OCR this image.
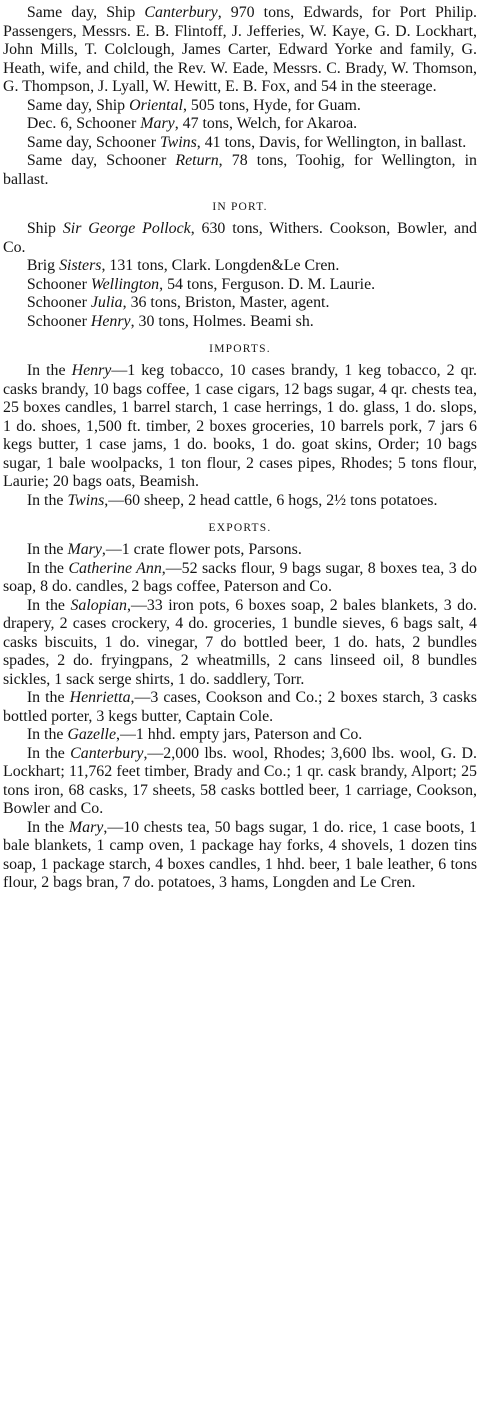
Same day, Ship Canterbury, 970 tons, Edwards, for Port Philip. Passengers, Messrs. E. B. Flintoff, J. Jefferies, W. Kaye, G. D. Lockhart, John Mills, T. Colclough, James Carter, Edward Yorke and family, G. Heath, wife, and child, the Rev. W. Eade, Messrs. C. Brady, W. Thomson, G. Thompson, J. Lyall, W. Hewitt, E. B. Fox, and 54 in the steerage.

Same day, Ship Oriental, 505 tons, Hyde, for Guam.

Dec. 6, Schooner Mary, 47 tons, Welch, for Akaroa.

Same day, Schooner Twins, 41 tons, Davis, for Wellington, in ballast.

Same day, Schooner Return, 78 tons, Toohig, for Wellington, in ballast.

IN PORT.

Ship Sir George Pollock, 630 tons, Withers. Cookson, Bowler, and Co.

Brig Sisters, 131 tons, Clark. Longden&Le Cren.

Schooner Wellington, 54 tons, Ferguson. D. M. Laurie.

Schooner Julia, 36 tons, Briston, Master, agent.

Schooner Henry, 30 tons, Holmes. Beami sh.

IMPORTS.

In the Henry—1 keg tobacco, 10 cases brandy, 1 keg tobacco, 2 qr. casks brandy, 10 bags coffee, 1 case cigars, 12 bags sugar, 4 qr. chests tea, 25 boxes candles, 1 barrel starch, 1 case herrings, 1 do. glass, 1 do. slops, 1 do. shoes, 1,500 ft. timber, 2 boxes groceries, 10 barrels pork, 7 jars 6 kegs butter, 1 case jams, 1 do. books, 1 do. goat skins, Order; 10 bags sugar, 1 bale woolpacks, 1 ton flour, 2 cases pipes, Rhodes; 5 tons flour, Laurie; 20 bags oats, Beamish.

In the Twins,—60 sheep, 2 head cattle, 6 hogs, 2½ tons potatoes.

EXPORTS.

In the Mary,—1 crate flower pots, Parsons.

In the Catherine Ann,—52 sacks flour, 9 bags sugar, 8 boxes tea, 3 do soap, 8 do. candles, 2 bags coffee, Paterson and Co.

In the Salopian,—33 iron pots, 6 boxes soap, 2 bales blankets, 3 do. drapery, 2 cases crockery, 4 do. groceries, 1 bundle sieves, 6 bags salt, 4 casks biscuits, 1 do. vinegar, 7 do bottled beer, 1 do. hats, 2 bundles spades, 2 do. fryingpans, 2 wheatmills, 2 cans linseed oil, 8 bundles sickles, 1 sack serge shirts, 1 do. saddlery, Torr.

In the Henrietta,—3 cases, Cookson and Co.; 2 boxes starch, 3 casks bottled porter, 3 kegs butter, Captain Cole.

In the Gazelle,—1 hhd. empty jars, Paterson and Co.

In the Canterbury,—2,000 lbs. wool, Rhodes; 3,600 lbs. wool, G. D. Lockhart; 11,762 feet timber, Brady and Co.; 1 qr. cask brandy, Alport; 25 tons iron, 68 casks, 17 sheets, 58 casks bottled beer, 1 carriage, Cookson, Bowler and Co.

In the Mary,—10 chests tea, 50 bags sugar, 1 do. rice, 1 case boots, 1 bale blankets, 1 camp oven, 1 package hay forks, 4 shovels, 1 dozen tins soap, 1 package starch, 4 boxes candles, 1 hhd. beer, 1 bale leather, 6 tons flour, 2 bags bran, 7 do. potatoes, 3 hams, Longden and Le Cren.
